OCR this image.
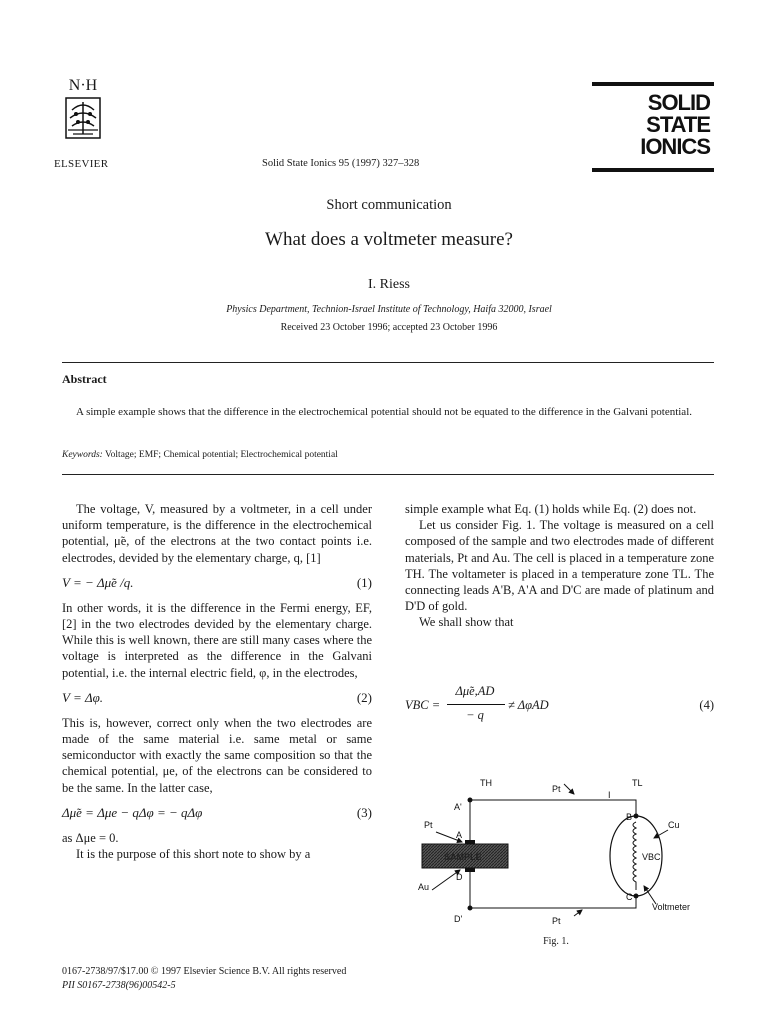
N·H
ELSEVIER	Solid State Ionics 95 (1997) 327–328
SOLID
STATE
IONICS
Short communication
What does a voltmeter measure?
I. Riess
Physics Department, Technion-Israel Institute of Technology, Haifa 32000, Israel
Received 23 October 1996; accepted 23 October 1996
Abstract
A simple example shows that the difference in the electrochemical potential should not be equated to the difference in the Galvani potential.
Keywords: Voltage; EMF; Chemical potential; Electrochemical potential

The voltage, V, measured by a voltmeter, in a cell under uniform temperature, is the difference in the electrochemical potential, μ̃e, of the electrons at the two contact points i.e. electrodes, devided by the elementary charge, q, [1]

V = − Δμ̃e /q.	(1)

In other words, it is the difference in the Fermi energy, EF, [2] in the two electrodes devided by the elementary charge. While this is well known, there are still many cases where the voltage is interpreted as the difference in the Galvani potential, i.e. the internal electric field, φ, in the electrodes,

V = Δφ.	(2)

This is, however, correct only when the two electrodes are made of the same material i.e. same metal or same semiconductor with exactly the same composition so that the chemical potential, μe, of the electrons can be considered to be the same. In the latter case,

Δμ̃e = Δμe − qΔφ = − qΔφ	(3)

as Δμe = 0.

It is the purpose of this short note to show by a

simple example what Eq. (1) holds while Eq. (2) does not.

Let us consider Fig. 1. The voltage is measured on a cell composed of the sample and two electrodes made of different materials, Pt and Au. The cell is placed in a temperature zone TH. The voltameter is placed in a temperature zone TL. The connecting leads A'B, A'A and D'C are made of platinum and D'D of gold.

We shall show that

VBC =
Δμ̃e,AD
− q
≠ ΔφAD	(4)
SAMPLE
TH	TL
Pt
I
A'
Pt
A
B
Cu
VBC
D
Au
C
D'
Voltmeter
Pt
Fig. 1.
0167-2738/97/$17.00 © 1997 Elsevier Science B.V. All rights reserved
PII S0167-2738(96)00542-5
